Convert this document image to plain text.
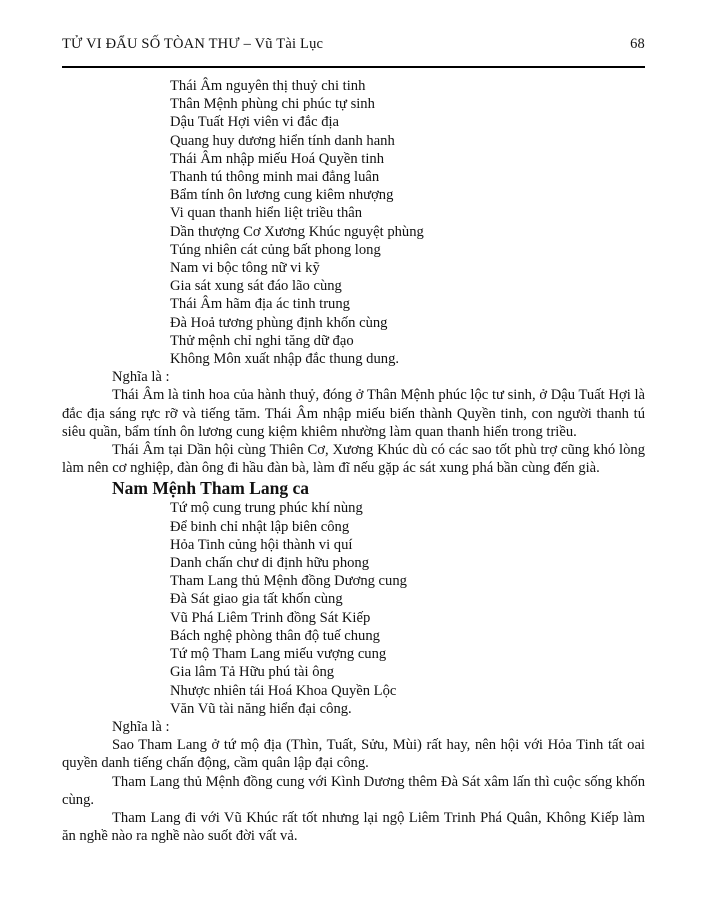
TỬ VI ĐẨU SỐ TÒAN THƯ – Vũ Tài Lục	68
Thái Âm nguyên thị thuỷ chi tinh
Thân Mệnh phùng chi phúc tự sinh
Dậu Tuất Hợi viên vi đắc địa
Quang huy dương hiển tính danh hanh
Thái Âm nhập miếu Hoá Quyền tinh
Thanh tú thông minh mai đẳng luân
Bẩm tính ôn lương cung kiêm nhượng
Vi quan thanh hiển liệt triều thân
Dần thượng Cơ Xương Khúc nguyệt phùng
Túng nhiên cát củng bất phong long
Nam vi bộc tông nữ vi kỹ
Gia sát xung sát đáo lão cùng
Thái Âm hãm địa ác tinh trung
Đà Hoả tương phùng định khốn cùng
Thử mệnh chỉ nghi tăng dữ đạo
Không Môn xuất nhập đắc thung dung.
Nghĩa là :

Thái Âm là tinh hoa của hành thuỷ, đóng ở Thân Mệnh phúc lộc tư sinh, ở Dậu Tuất Hợi là đắc địa sáng rực rỡ và tiếng tăm. Thái Âm nhập miếu biến thành Quyền tinh, con người thanh tú siêu quần, bẩm tính ôn lương cung kiệm khiêm nhường làm quan thanh hiển trong triều.

Thái Âm tại Dần hội cùng Thiên Cơ, Xương Khúc dù có các sao tốt phù trợ cũng khó lòng làm nên cơ nghiệp, đàn ông đi hầu đàn bà, làm đĩ nếu gặp ác sát xung phá bần cùng đến già.

Nam Mệnh Tham Lang ca
Tứ mộ cung trung phúc khí nùng
Để binh chỉ nhật lập biên công
Hỏa Tinh củng hội thành vi quí
Danh chấn chư di định hữu phong
Tham Lang thủ Mệnh đồng Dương cung
Đà Sát giao gia tất khốn cùng
Vũ Phá Liêm Trinh đồng Sát Kiếp
Bách nghệ phòng thân độ tuế chung
Tứ mộ Tham Lang miếu vượng cung
Gia lâm Tả Hữu phú tài ông
Nhược nhiên tái Hoá Khoa Quyền Lộc
Văn Vũ tài năng hiển đại công.
Nghĩa là :

Sao Tham Lang ở tứ mộ địa (Thìn, Tuất, Sửu, Mùi) rất hay, nên hội với Hỏa Tinh tất oai quyền danh tiếng chấn động, cầm quân lập đại công.

Tham Lang thủ Mệnh đồng cung với Kình Dương thêm Đà Sát xâm lấn thì cuộc sống khốn cùng.

Tham Lang đi với Vũ Khúc rất tốt nhưng lại ngộ Liêm Trinh Phá Quân, Không Kiếp làm ăn nghề nào ra nghề nào suốt đời vất vả.
